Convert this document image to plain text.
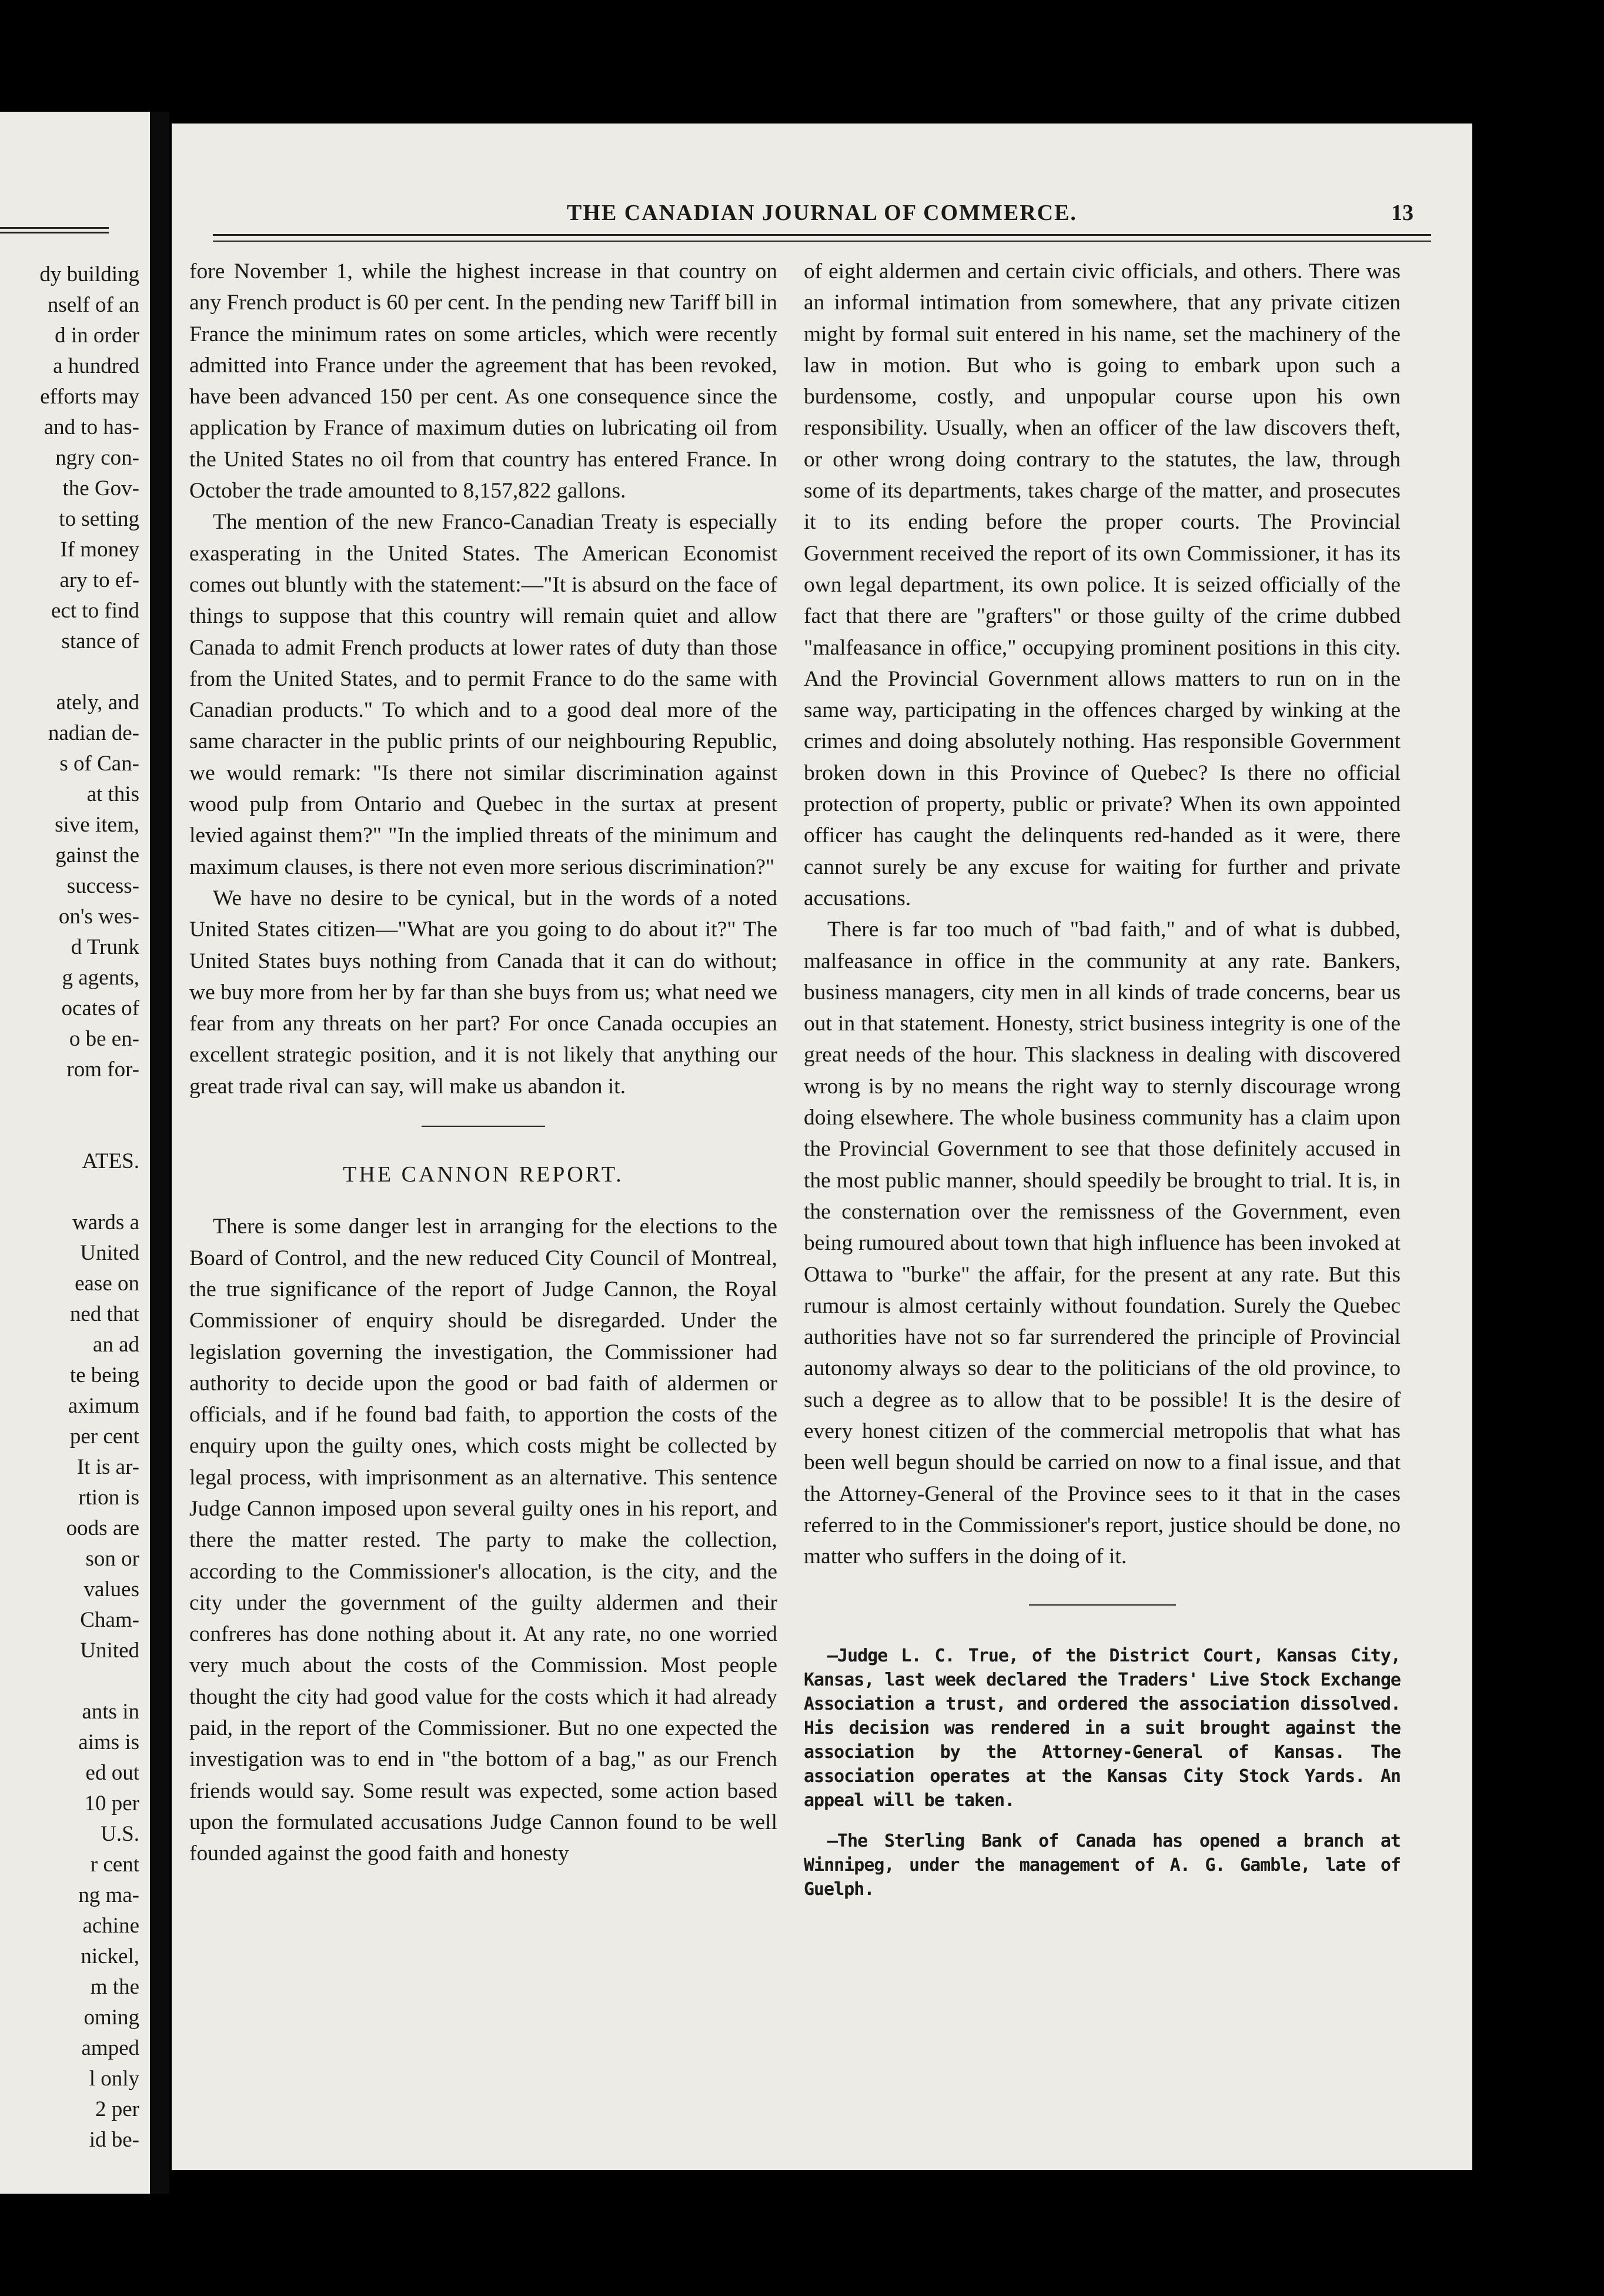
dy building
nself of an
d in order
a hundred
efforts may
and to has-
ngry con-
the Gov-
to setting
If money
ary to ef-
ect to find
stance of
ately, and
nadian de-
s of Can-
at this
sive item,
gainst the
success-
on's wes-
d Trunk
g agents,
ocates of
o be en-
rom for-
ATES.
wards a
United
ease on
ned that
an ad
te being
aximum
per cent
It is ar-
rtion is
oods are
son or
values
Cham-
United
ants in
aims is
ed out
10 per
U.S.
r cent
ng ma-
achine
nickel,
m the
oming
amped
l only
2 per
id be-
THE CANADIAN JOURNAL OF COMMERCE.	13

fore November 1, while the highest increase in that country on any French product is 60 per cent. In the pending new Tariff bill in France the minimum rates on some articles, which were recently admitted into France under the agreement that has been revoked, have been advanced 150 per cent. As one consequence since the application by France of maximum duties on lubricating oil from the United States no oil from that country has entered France. In October the trade amounted to 8,157,822 gallons.

The mention of the new Franco-Canadian Treaty is especially exasperating in the United States. The American Economist comes out bluntly with the statement:—"It is absurd on the face of things to suppose that this country will remain quiet and allow Canada to admit French products at lower rates of duty than those from the United States, and to permit France to do the same with Canadian products." To which and to a good deal more of the same character in the public prints of our neighbouring Republic, we would remark: "Is there not similar discrimination against wood pulp from Ontario and Quebec in the surtax at present levied against them?" "In the implied threats of the minimum and maximum clauses, is there not even more serious discrimination?"

We have no desire to be cynical, but in the words of a noted United States citizen—"What are you going to do about it?" The United States buys nothing from Canada that it can do without; we buy more from her by far than she buys from us; what need we fear from any threats on her part? For once Canada occupies an excellent strategic position, and it is not likely that anything our great trade rival can say, will make us abandon it.

THE CANNON REPORT.

There is some danger lest in arranging for the elections to the Board of Control, and the new reduced City Council of Montreal, the true significance of the report of Judge Cannon, the Royal Commissioner of enquiry should be disregarded. Under the legislation governing the investigation, the Commissioner had authority to decide upon the good or bad faith of aldermen or officials, and if he found bad faith, to apportion the costs of the enquiry upon the guilty ones, which costs might be collected by legal process, with imprisonment as an alternative. This sentence Judge Cannon imposed upon several guilty ones in his report, and there the matter rested. The party to make the collection, according to the Commissioner's allocation, is the city, and the city under the government of the guilty aldermen and their confreres has done nothing about it. At any rate, no one worried very much about the costs of the Commission. Most people thought the city had good value for the costs which it had already paid, in the report of the Commissioner. But no one expected the investigation was to end in "the bottom of a bag," as our French friends would say. Some result was expected, some action based upon the formulated accusations Judge Cannon found to be well founded against the good faith and honesty

of eight aldermen and certain civic officials, and others. There was an informal intimation from somewhere, that any private citizen might by formal suit entered in his name, set the machinery of the law in motion. But who is going to embark upon such a burdensome, costly, and unpopular course upon his own responsibility. Usually, when an officer of the law discovers theft, or other wrong doing contrary to the statutes, the law, through some of its departments, takes charge of the matter, and prosecutes it to its ending before the proper courts. The Provincial Government received the report of its own Commissioner, it has its own legal department, its own police. It is seized officially of the fact that there are "grafters" or those guilty of the crime dubbed "malfeasance in office," occupying prominent positions in this city. And the Provincial Government allows matters to run on in the same way, participating in the offences charged by winking at the crimes and doing absolutely nothing. Has responsible Government broken down in this Province of Quebec? Is there no official protection of property, public or private? When its own appointed officer has caught the delinquents red-handed as it were, there cannot surely be any excuse for waiting for further and private accusations.

There is far too much of "bad faith," and of what is dubbed, malfeasance in office in the community at any rate. Bankers, business managers, city men in all kinds of trade concerns, bear us out in that statement. Honesty, strict business integrity is one of the great needs of the hour. This slackness in dealing with discovered wrong is by no means the right way to sternly discourage wrong doing elsewhere. The whole business community has a claim upon the Provincial Government to see that those definitely accused in the most public manner, should speedily be brought to trial. It is, in the consternation over the remissness of the Government, even being rumoured about town that high influence has been invoked at Ottawa to "burke" the affair, for the present at any rate. But this rumour is almost certainly without foundation. Surely the Quebec authorities have not so far surrendered the principle of Provincial autonomy always so dear to the politicians of the old province, to such a degree as to allow that to be possible! It is the desire of every honest citizen of the commercial metropolis that what has been well begun should be carried on now to a final issue, and that the Attorney-General of the Province sees to it that in the cases referred to in the Commissioner's report, justice should be done, no matter who suffers in the doing of it.

—Judge L. C. True, of the District Court, Kansas City, Kansas, last week declared the Traders' Live Stock Exchange Association a trust, and ordered the association dissolved. His decision was rendered in a suit brought against the association by the Attorney-General of Kansas. The association operates at the Kansas City Stock Yards. An appeal will be taken.

—The Sterling Bank of Canada has opened a branch at Winnipeg, under the management of A. G. Gamble, late of Guelph.
